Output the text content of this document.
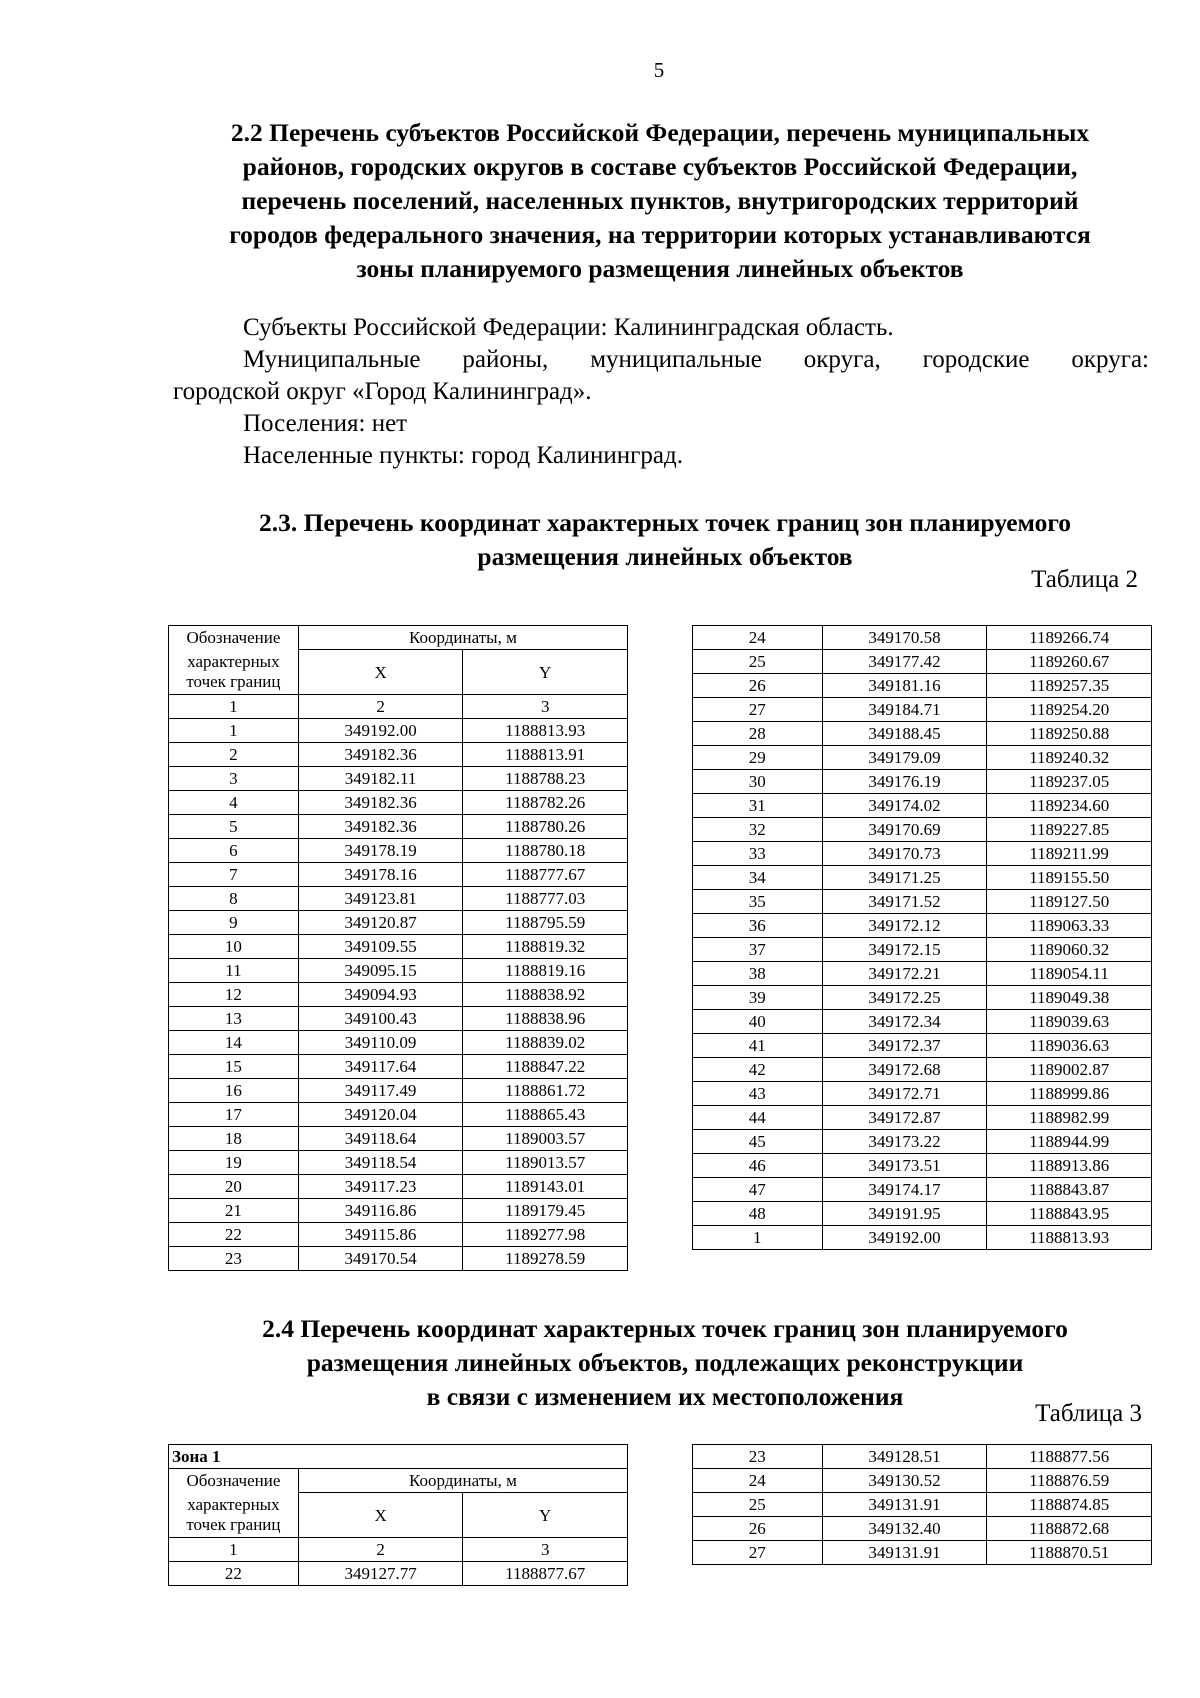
5
2.2 Перечень субъектов Российской Федерации, перечень муниципальных
районов, городских округов в составе субъектов Российской Федерации,
перечень поселений, населенных пунктов, внутригородских территорий
городов федерального значения, на территории которых устанавливаются
зоны планируемого размещения линейных объектов

Субъекты Российской Федерации: Калининградская область.

Муниципальные районы, муниципальные округа, городские округа:

городской округ «Город Калининград».

Поселения: нет

Населенные пункты: город Калининград.

2.3. Перечень координат характерных точек границ зон планируемого
размещения линейных объектов
Таблица 2
Обозначение	Координаты, м	
характерных
точек границ	X	Y
1	2	3
1	349192.00	1188813.93
2	349182.36	1188813.91
3	349182.11	1188788.23
4	349182.36	1188782.26
5	349182.36	1188780.26
6	349178.19	1188780.18
7	349178.16	1188777.67
8	349123.81	1188777.03
9	349120.87	1188795.59
10	349109.55	1188819.32
11	349095.15	1188819.16
12	349094.93	1188838.92
13	349100.43	1188838.96
14	349110.09	1188839.02
15	349117.64	1188847.22
16	349117.49	1188861.72
17	349120.04	1188865.43
18	349118.64	1189003.57
19	349118.54	1189013.57
20	349117.23	1189143.01
21	349116.86	1189179.45
22	349115.86	1189277.98
23	349170.54	1189278.59
24	349170.58	1189266.74
25	349177.42	1189260.67
26	349181.16	1189257.35
27	349184.71	1189254.20
28	349188.45	1189250.88
29	349179.09	1189240.32
30	349176.19	1189237.05
31	349174.02	1189234.60
32	349170.69	1189227.85
33	349170.73	1189211.99
34	349171.25	1189155.50
35	349171.52	1189127.50
36	349172.12	1189063.33
37	349172.15	1189060.32
38	349172.21	1189054.11
39	349172.25	1189049.38
40	349172.34	1189039.63
41	349172.37	1189036.63
42	349172.68	1189002.87
43	349172.71	1188999.86
44	349172.87	1188982.99
45	349173.22	1188944.99
46	349173.51	1188913.86
47	349174.17	1188843.87
48	349191.95	1188843.95
1	349192.00	1188813.93
2.4 Перечень координат характерных точек границ зон планируемого
размещения линейных объектов, подлежащих реконструкции
в связи с изменением их местоположения
Таблица 3
Зона 1		
Обозначение	Координаты, м	
характерных
точек границ	X	Y
1	2	3
22	349127.77	1188877.67
23	349128.51	1188877.56
24	349130.52	1188876.59
25	349131.91	1188874.85
26	349132.40	1188872.68
27	349131.91	1188870.51
